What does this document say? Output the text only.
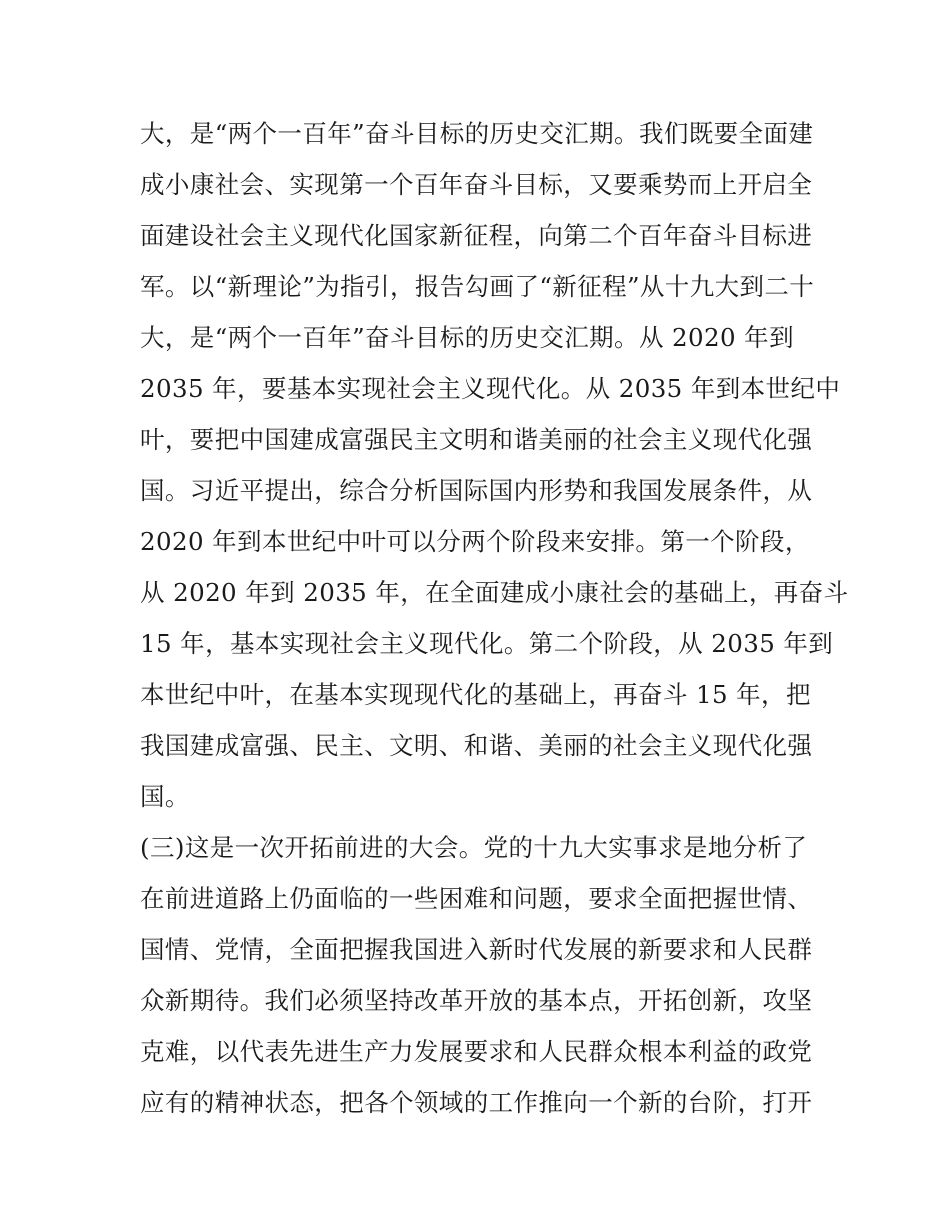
大，是“两个一百年”奋斗目标的历史交汇期。我们既要全面建
成小康社会、实现第一个百年奋斗目标，又要乘势而上开启全
面建设社会主义现代化国家新征程，向第二个百年奋斗目标进
军。以“新理论”为指引，报告勾画了“新征程”从十九大到二十
大，是“两个一百年”奋斗目标的历史交汇期。从 2020 年到
2035 年，要基本实现社会主义现代化。从 2035 年到本世纪中
叶，要把中国建成富强民主文明和谐美丽的社会主义现代化强
国。习近平提出，综合分析国际国内形势和我国发展条件，从
2020 年到本世纪中叶可以分两个阶段来安排。第一个阶段，
从 2020 年到 2035 年，在全面建成小康社会的基础上，再奋斗
15 年，基本实现社会主义现代化。第二个阶段，从 2035 年到
本世纪中叶，在基本实现现代化的基础上，再奋斗 15 年，把
我国建成富强、民主、文明、和谐、美丽的社会主义现代化强
国。
(三)这是一次开拓前进的大会。党的十九大实事求是地分析了
在前进道路上仍面临的一些困难和问题，要求全面把握世情、
国情、党情，全面把握我国进入新时代发展的新要求和人民群
众新期待。我们必须坚持改革开放的基本点，开拓创新，攻坚
克难，以代表先进生产力发展要求和人民群众根本利益的政党
应有的精神状态，把各个领域的工作推向一个新的台阶，打开
